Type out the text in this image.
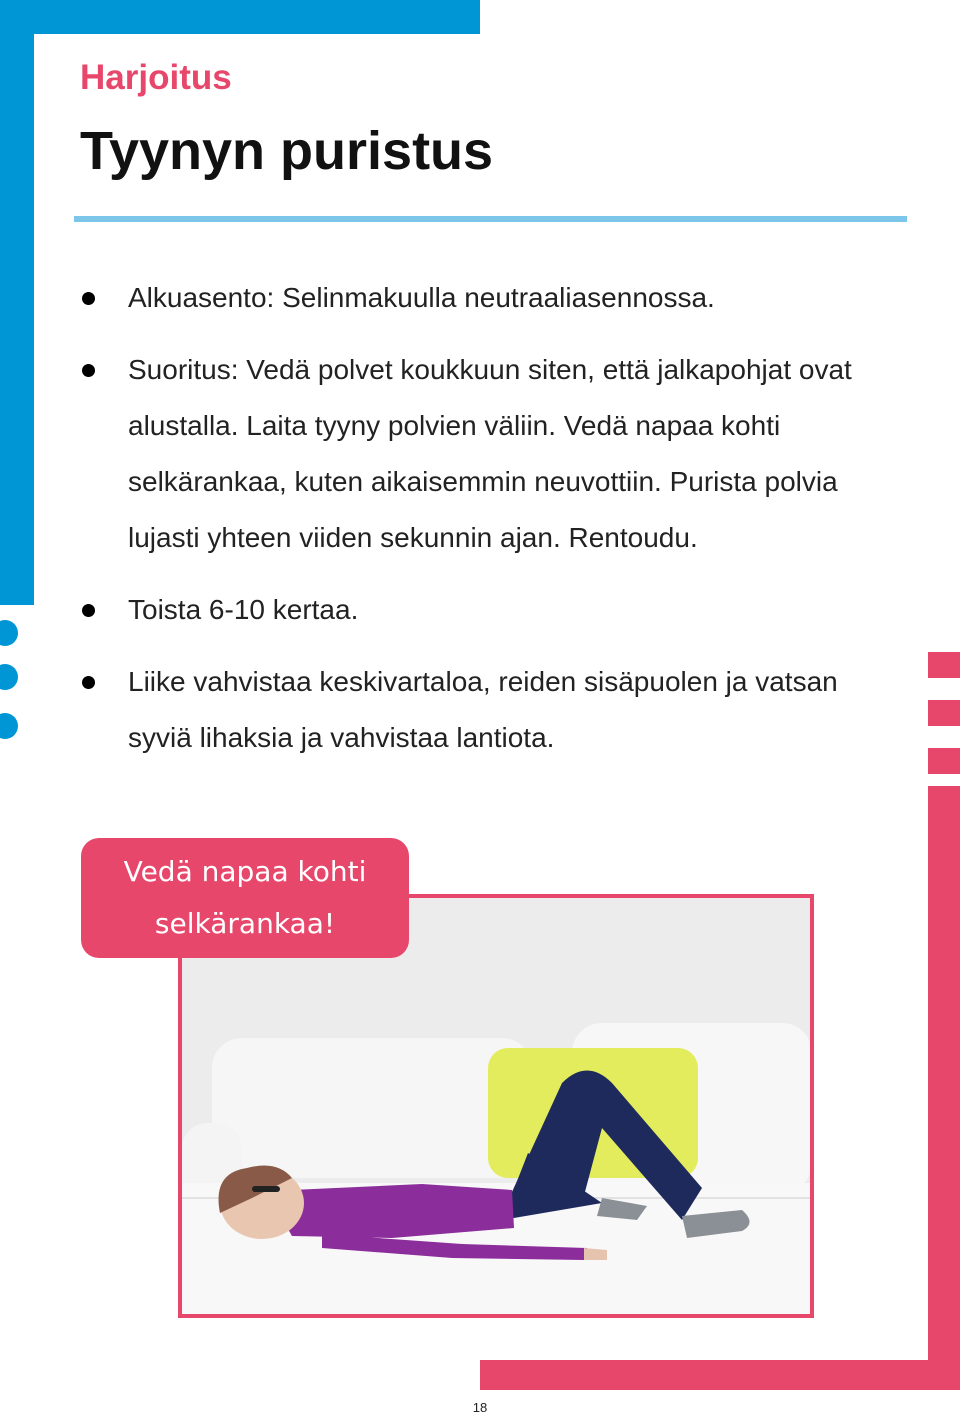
Harjoitus
Tyynyn puristus
Alkuasento: Selinmakuulla neutraaliasennossa.
Suoritus: Vedä polvet koukkuun siten, että jalkapohjat ovat alustalla. Laita tyyny polvien väliin. Vedä napaa kohti selkärankaa, kuten aikaisemmin neuvottiin. Purista polvia lujasti yhteen viiden sekunnin ajan. Rentoudu.
Toista 6-10 kertaa.
Liike vahvistaa keskivartaloa, reiden sisäpuolen ja vatsan syviä lihaksia ja vahvistaa lantiota.
Vedä napaa kohti
selkärankaa!
18
